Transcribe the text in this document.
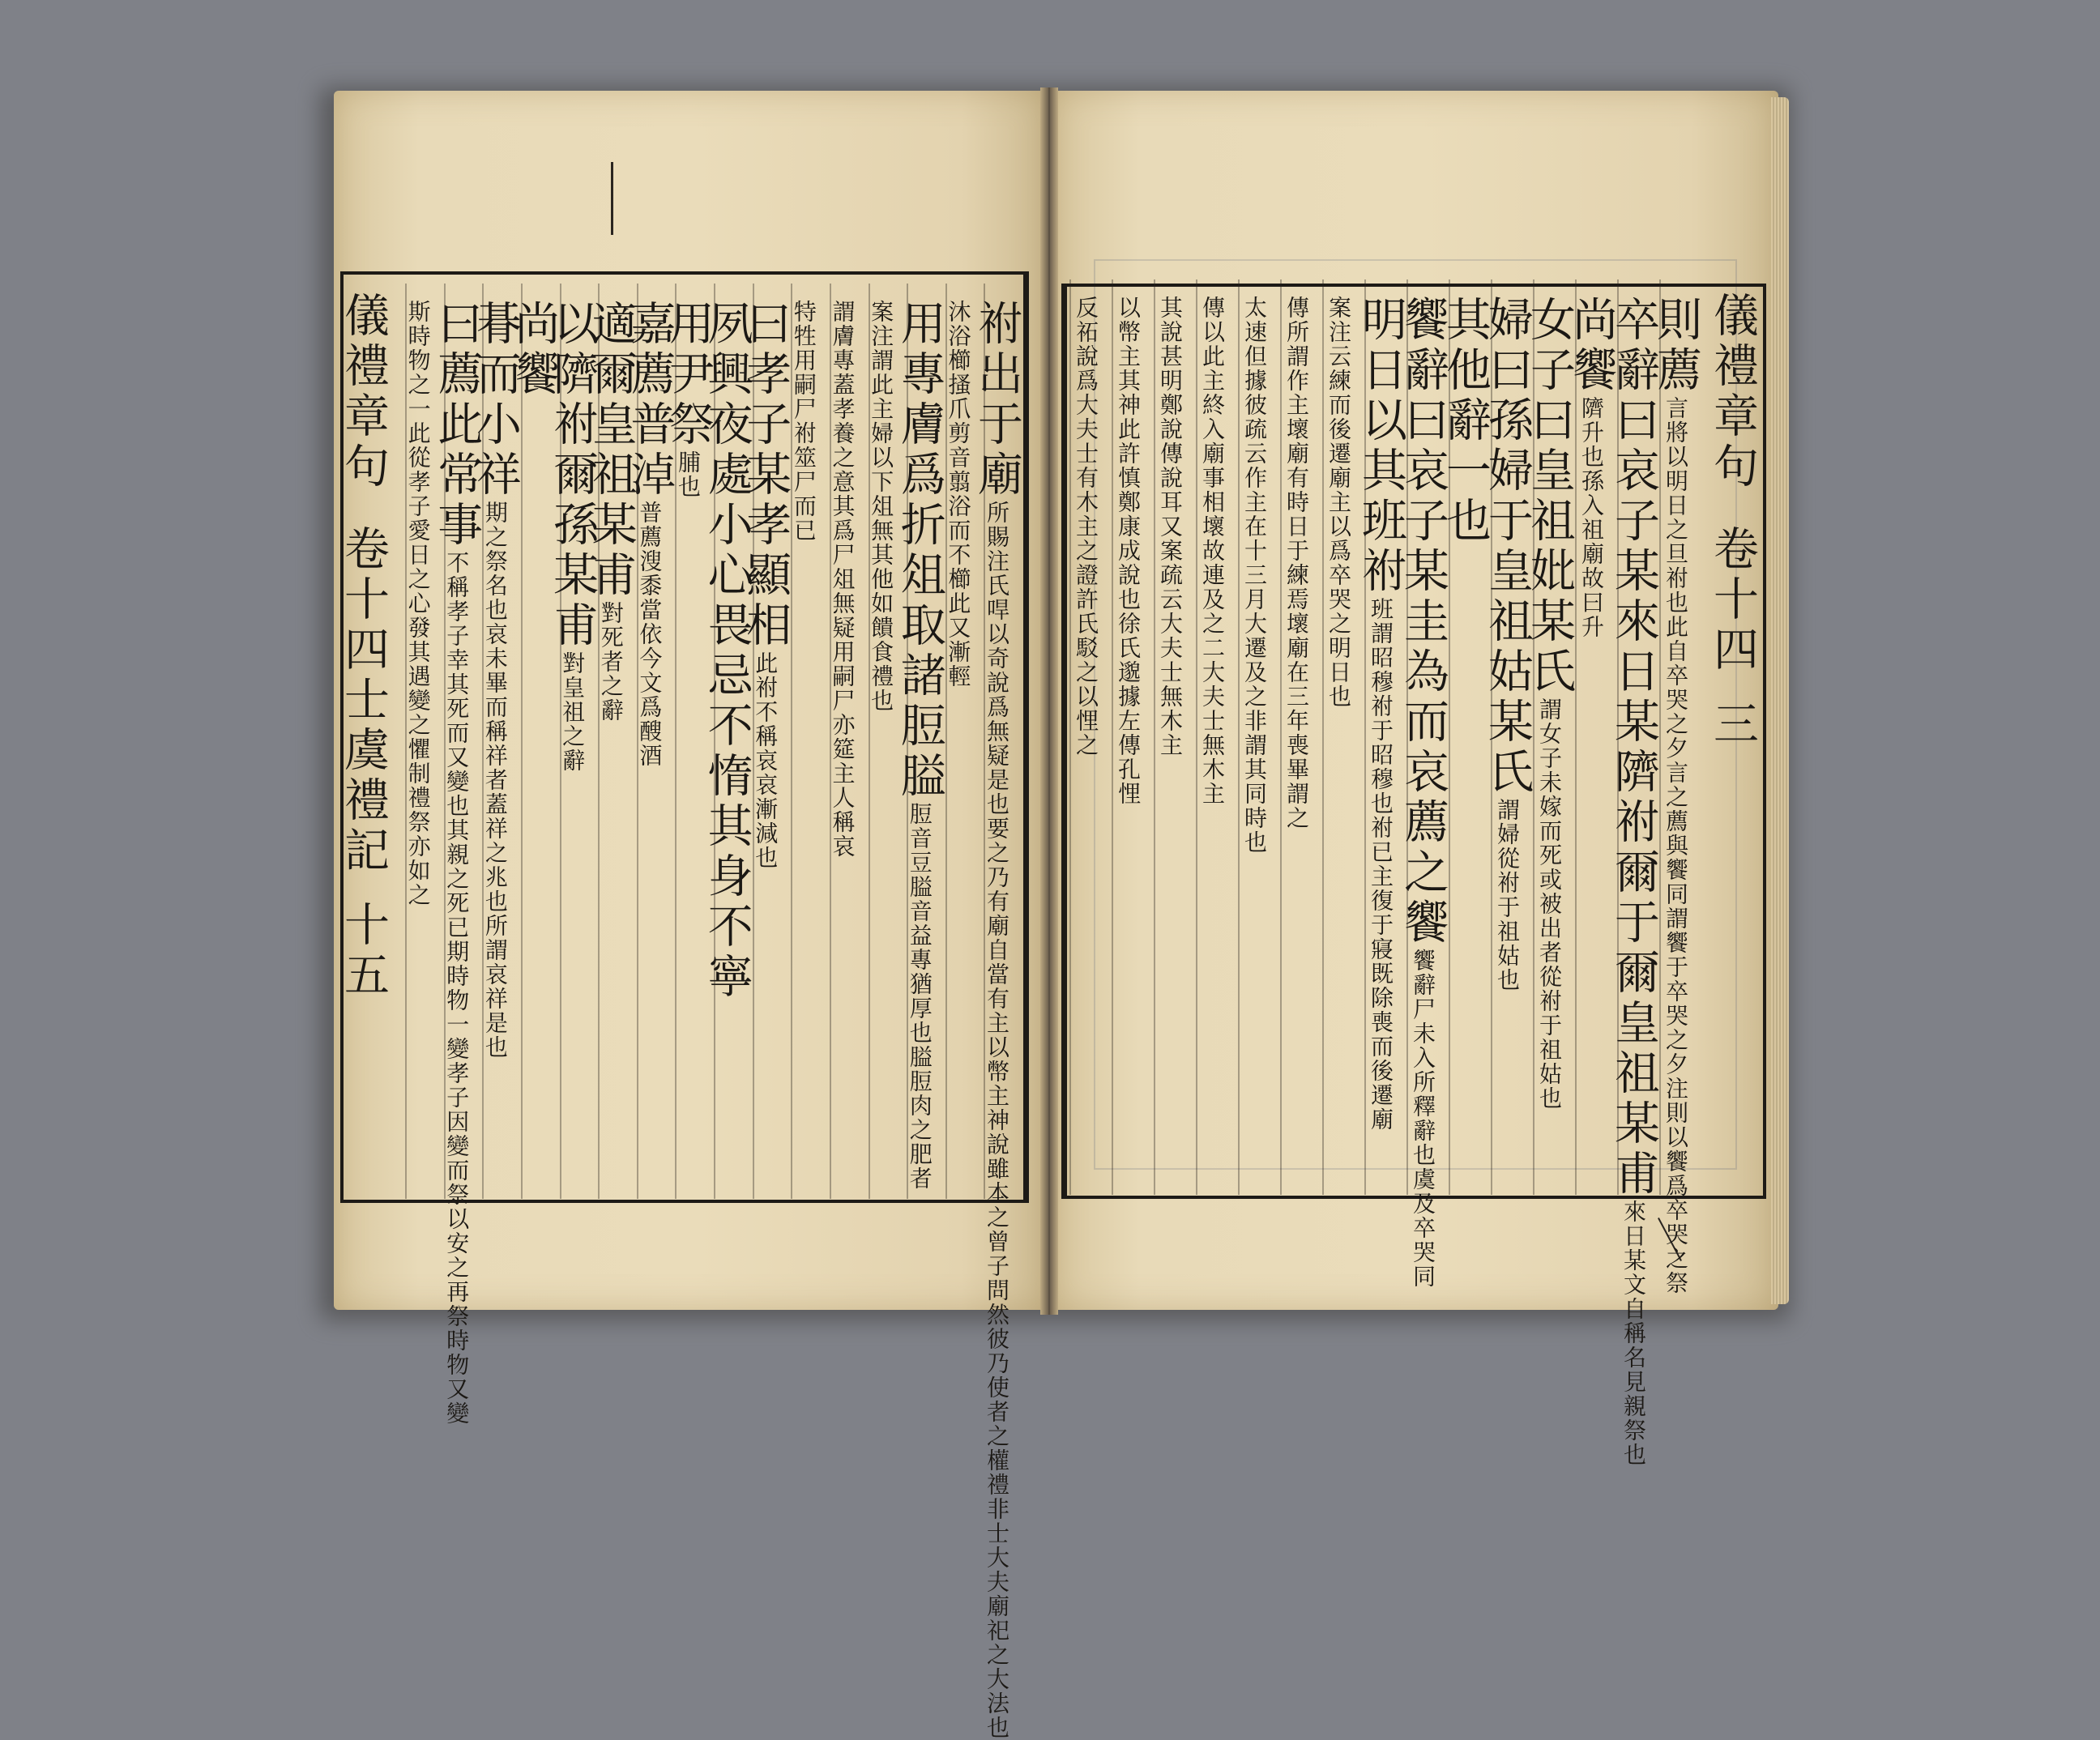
儀禮章句卷十四士虞禮記十五
儀禮章句卷十四三
祔出于廟所賜注氏哻以奇說爲無疑是也要之乃有廟自當有主以幣主神說雖本之曾子問然彼乃使者之權禮非士大夫廟祀之大法也
沐浴櫛搔爪剪音翦浴而不櫛此又漸輕
用專膚爲折俎取諸脰膉脰音豆膉音益專猶厚也膉脰肉之肥者
案注謂此主婦以下俎無其他如饋食禮也
謂膚專蓋孝養之意其爲尸俎無疑用嗣尸亦筵主人稱哀
特牲用嗣尸祔筮尸而已
曰孝子某孝顯相此祔不稱哀哀漸減也
夙興夜處小心畏忌不惰其身不寧
用尹祭脯也
嘉薦普淖普薦溲黍當依今文爲醙酒
適爾皇祖某甫對死者之辭
以隮祔爾孫某甫對皇祖之辭
尚饗
朞而小祥期之祭名也哀未畢而稱祥者蓋祥之兆也所謂哀祥是也
曰薦此常事不稱孝子幸其死而又變也其親之死已期時物一變孝子因變而祭以安之再祭時物又變
斯時物之一此從孝子愛日之心發其遇變之懼制禮祭亦如之	則薦言將以明日之旦祔也此自卒哭之夕言之薦與饗同謂饗于卒哭之夕注則以饗爲卒哭之祭
卒辭曰哀子某來日某隮祔爾于爾皇祖某甫來日某文自稱名見親祭也
尚饗隮升也孫入祖廟故曰升
女子曰皇祖妣某氏謂女子未嫁而死或被出者從祔于祖姑也
婦曰孫婦于皇祖姑某氏謂婦從祔于祖姑也
其他辭一也
饗辭曰哀子某圭為而哀薦之饗饗辭尸未入所釋辭也虞及卒哭同
明日以其班祔班謂昭穆祔于昭穆也祔已主復于寢既除喪而後遷廟
案注云練而後遷廟主以爲卒哭之明日也
傳所謂作主壞廟有時日于練焉壞廟在三年喪畢謂之
太速但據彼疏云作主在十三月大遷及之非謂其同時也
傳以此主終入廟事相壞故連及之二大夫士無木主
其說甚明鄭說傳說耳又案疏云大夫士無木主
以幣主其神此許慎鄭康成說也徐氏邈據左傳孔悝
反祏說爲大夫士有木主之證許氏駁之以悝之
